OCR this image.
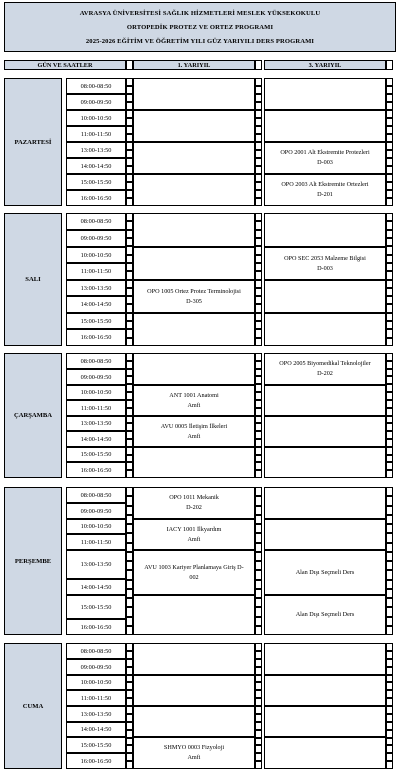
AVRASYA ÜNİVERSİTESİ SAĞLIK HİZMETLERİ MESLEK YÜKSEKOKULU
ORTOPEDİK PROTEZ VE ORTEZ PROGRAMI
2025-2026 EĞİTİM VE ÖĞRETİM YILI GÜZ YARIYILI DERS PROGRAMI
GÜN VE SAATLER	1. YARIYIL	3. YARIYIL
PAZARTESİ
08:00-08:50
09:00-09:50
10:00-10:50
11:00-11:50
13:00-13:50
14:00-14:50
15:00-15:50
16:00-16:50
OPO 2001 Alt Ekstremite Protezleri
D-003
OPO 2003 Alt Ekstremite Ortezleri
D-201
SALI
08:00-08:50
09:00-09:50
10:00-10:50
11:00-11:50
13:00-13:50
14:00-14:50
15:00-15:50
16:00-16:50
OPO 1005 Ortez Protez Terminolojisi
D-305
OPO SEC 2053 Malzeme Bilgisi
D-003
ÇARŞAMBA
08:00-08:50
09:00-09:50
10:00-10:50
11:00-11:50
13:00-13:50
14:00-14:50
15:00-15:50
16:00-16:50
ANT 1001 Anatomi
Amfi
AVU 0005 İletişim İlkeleri
Amfi
OPO 2005 Biyomedikal Teknolojiler
D-202
PERŞEMBE
08:00-08:50
09:00-09:50
10:00-10:50
11:00-11:50
13:00-13:50
14:00-14:50
15:00-15:50
16:00-16:50
OPO 1011 Mekanik
D-202
IACY 1001 İlkyardım
Amfi
AVU 1003 Kariyer Planlamaya Giriş D-
002
Alan Dışı Seçmeli Ders
Alan Dışı Seçmeli Ders
CUMA
08:00-08:50
09:00-09:50
10:00-10:50
11:00-11:50
13:00-13:50
14:00-14:50
15:00-15:50
16:00-16:50
SHMYO 0003 Fizyoloji
Amfi
